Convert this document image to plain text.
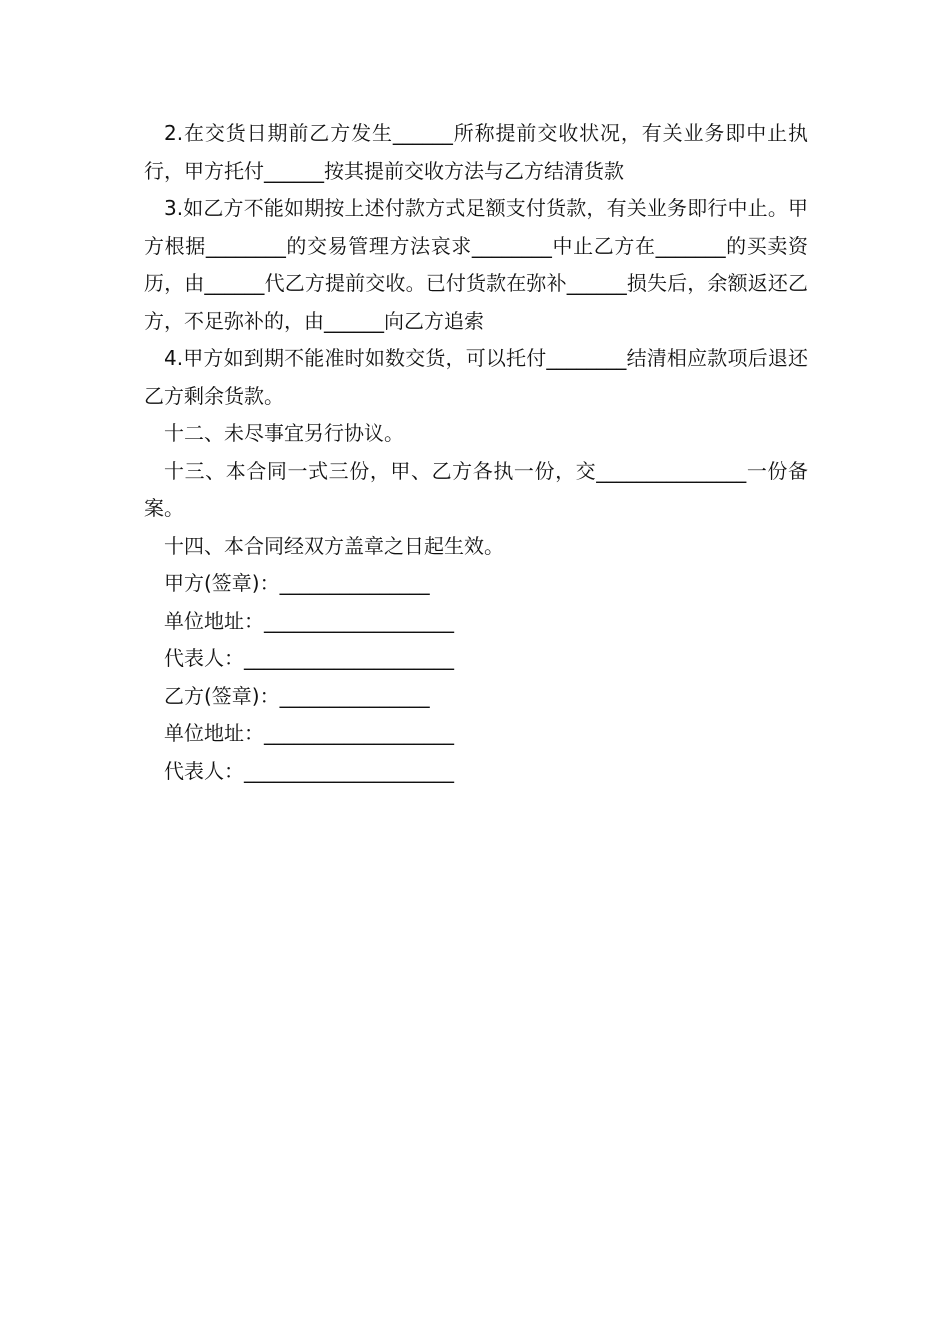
2.在交货日期前乙方发生______所称提前交收状况，有关业务即中止执行，甲方托付______按其提前交收方法与乙方结清货款

3.如乙方不能如期按上述付款方式足额支付货款，有关业务即行中止。甲方根据________的交易管理方法哀求________中止乙方在_______的买卖资历，由______代乙方提前交收。已付货款在弥补______损失后，余额返还乙方，不足弥补的，由______向乙方追索

4.甲方如到期不能准时如数交货，可以托付________结清相应款项后退还乙方剩余货款。

十二、未尽事宜另行协议。

十三、本合同一式三份，甲、乙方各执一份，交_______________一份备案。

十四、本合同经双方盖章之日起生效。

甲方(签章)：_______________

单位地址：___________________

代表人：_____________________

乙方(签章)：_______________

单位地址：___________________

代表人：_____________________
